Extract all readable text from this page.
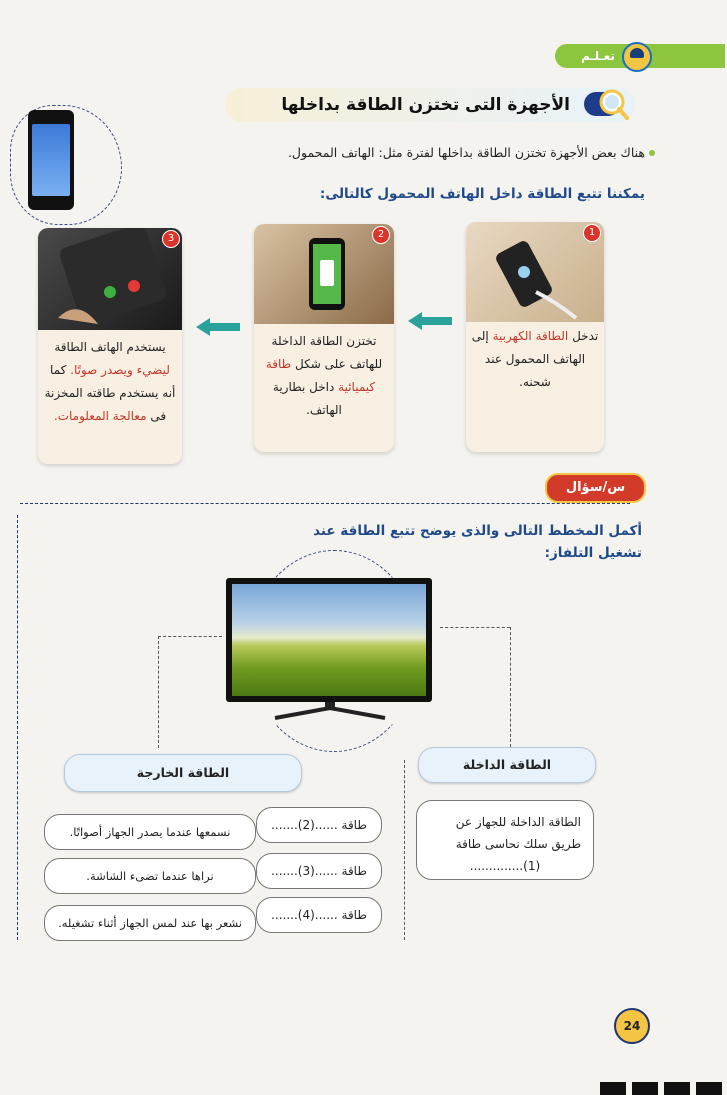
تعـلـم
الأجهزة التى تختزن الطاقة بداخلها
هناك بعض الأجهزة تختزن الطاقة بداخلها لفترة مثل: الهاتف المحمول.
يمكننا تتبع الطاقة داخل الهاتف المحمول كالتالى:
1
تدخل الطاقة الكهربية إلى الهاتف المحمول عند شحنه.
2
تختزن الطاقة الداخلة للهاتف على شكل طاقة كيميائية داخل بطارية الهاتف.
3
يستخدم الهاتف الطاقة ليضيء ويصدر صوتًا. كما أنه يستخدم طاقته المخزنة فى معالجة المعلومات.
س/سؤال
أكمل المخطط التالى والذى يوضح تتبع الطاقة عند تشغيل التلفاز:
الطاقة الداخلة
الطاقة الداخلة للجهاز عن طريق سلك نحاسى طاقة
(1)..............
الطاقة الخارجة
طاقة ......(2).......
نسمعها عندما يصدر الجهاز أصواتًا.
طاقة ......(3).......
نراها عندما تضىء الشاشة.
طاقة ......(4).......
نشعر بها عند لمس الجهاز أثناء تشغيله.
24
